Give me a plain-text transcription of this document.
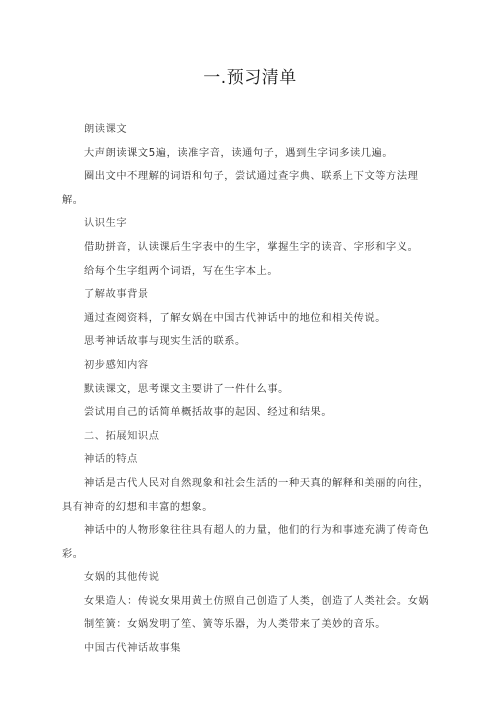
一.预习清单
朗读课文
大声朗读课文5遍，读准字音，读通句子，遇到生字词多读几遍。
圈出文中不理解的词语和句子，尝试通过查字典、联系上下文等方法理
解。
认识生字
借助拼音，认读课后生字表中的生字，掌握生字的读音、字形和字义。
给每个生字组两个词语，写在生字本上。
了解故事背景
通过查阅资料，了解女娲在中国古代神话中的地位和相关传说。
思考神话故事与现实生活的联系。
初步感知内容
默读课文，思考课文主要讲了一件什么事。
尝试用自己的话简单概括故事的起因、经过和结果。
二、拓展知识点
神话的特点
神话是古代人民对自然现象和社会生活的一种天真的解释和美丽的向往，
具有神奇的幻想和丰富的想象。
神话中的人物形象往往具有超人的力量，他们的行为和事迹充满了传奇色
彩。
女娲的其他传说
女果造人：传说女果用黄土仿照自己创造了人类，创造了人类社会。女娲
制笙簧：女娲发明了笙、簧等乐器，为人类带来了美妙的音乐。
中国古代神话故事集
